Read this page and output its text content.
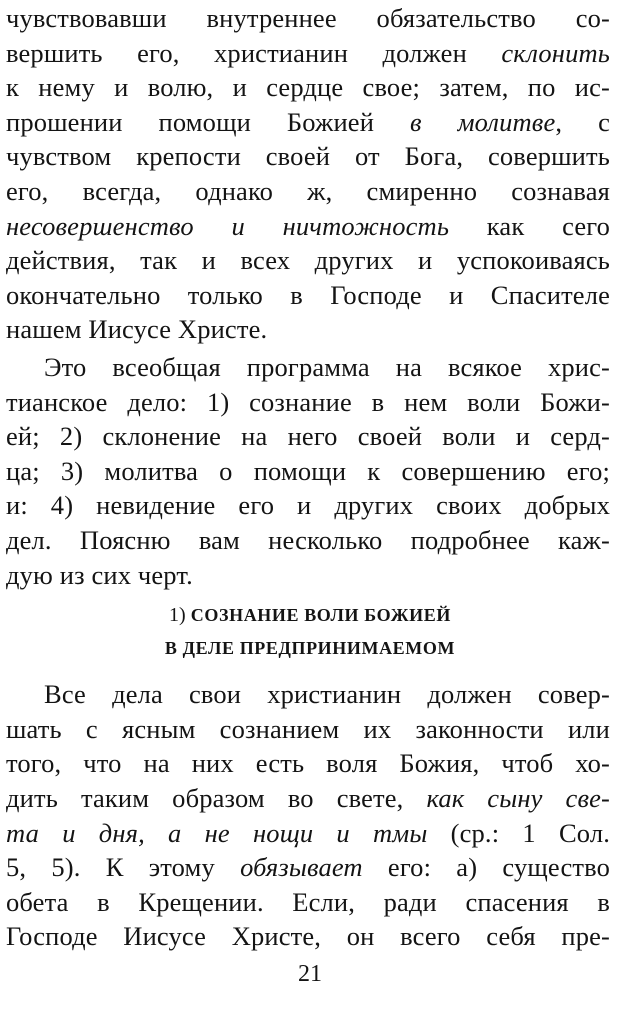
чувствовавши внутреннее обязательство со-
вершить его, христианин должен склонить
к нему и волю, и сердце свое; затем, по ис-
прошении помощи Божией в молитве, с
чувством крепости своей от Бога, совершить
его, всегда, однако ж, смиренно сознавая
несовершенство и ничтожность как сего
действия, так и всех других и успокоиваясь
окончательно только в Господе и Спасителе
нашем Иисусе Христе.
Это всеобщая программа на всякое хрис-
тианское дело: 1) сознание в нем воли Божи-
ей; 2) склонение на него своей воли и серд-
ца; 3) молитва о помощи к совершению его;
и: 4) невидение его и других своих добрых
дел. Поясню вам несколько подробнее каж-
дую из сих черт.
1) СОЗНАНИЕ ВОЛИ БОЖИЕЙ
В ДЕЛЕ ПРЕДПРИНИМАЕМОМ
Все дела свои христианин должен совер-
шать с ясным сознанием их законности или
того, что на них есть воля Божия, чтоб хо-
дить таким образом во свете, как сыну све-
та и дня, а не нощи и тмы (ср.: 1 Сол.
5, 5). К этому обязывает его: а) существо
обета в Крещении. Если, ради спасения в
Господе Иисусе Христе, он всего себя пре-
21
